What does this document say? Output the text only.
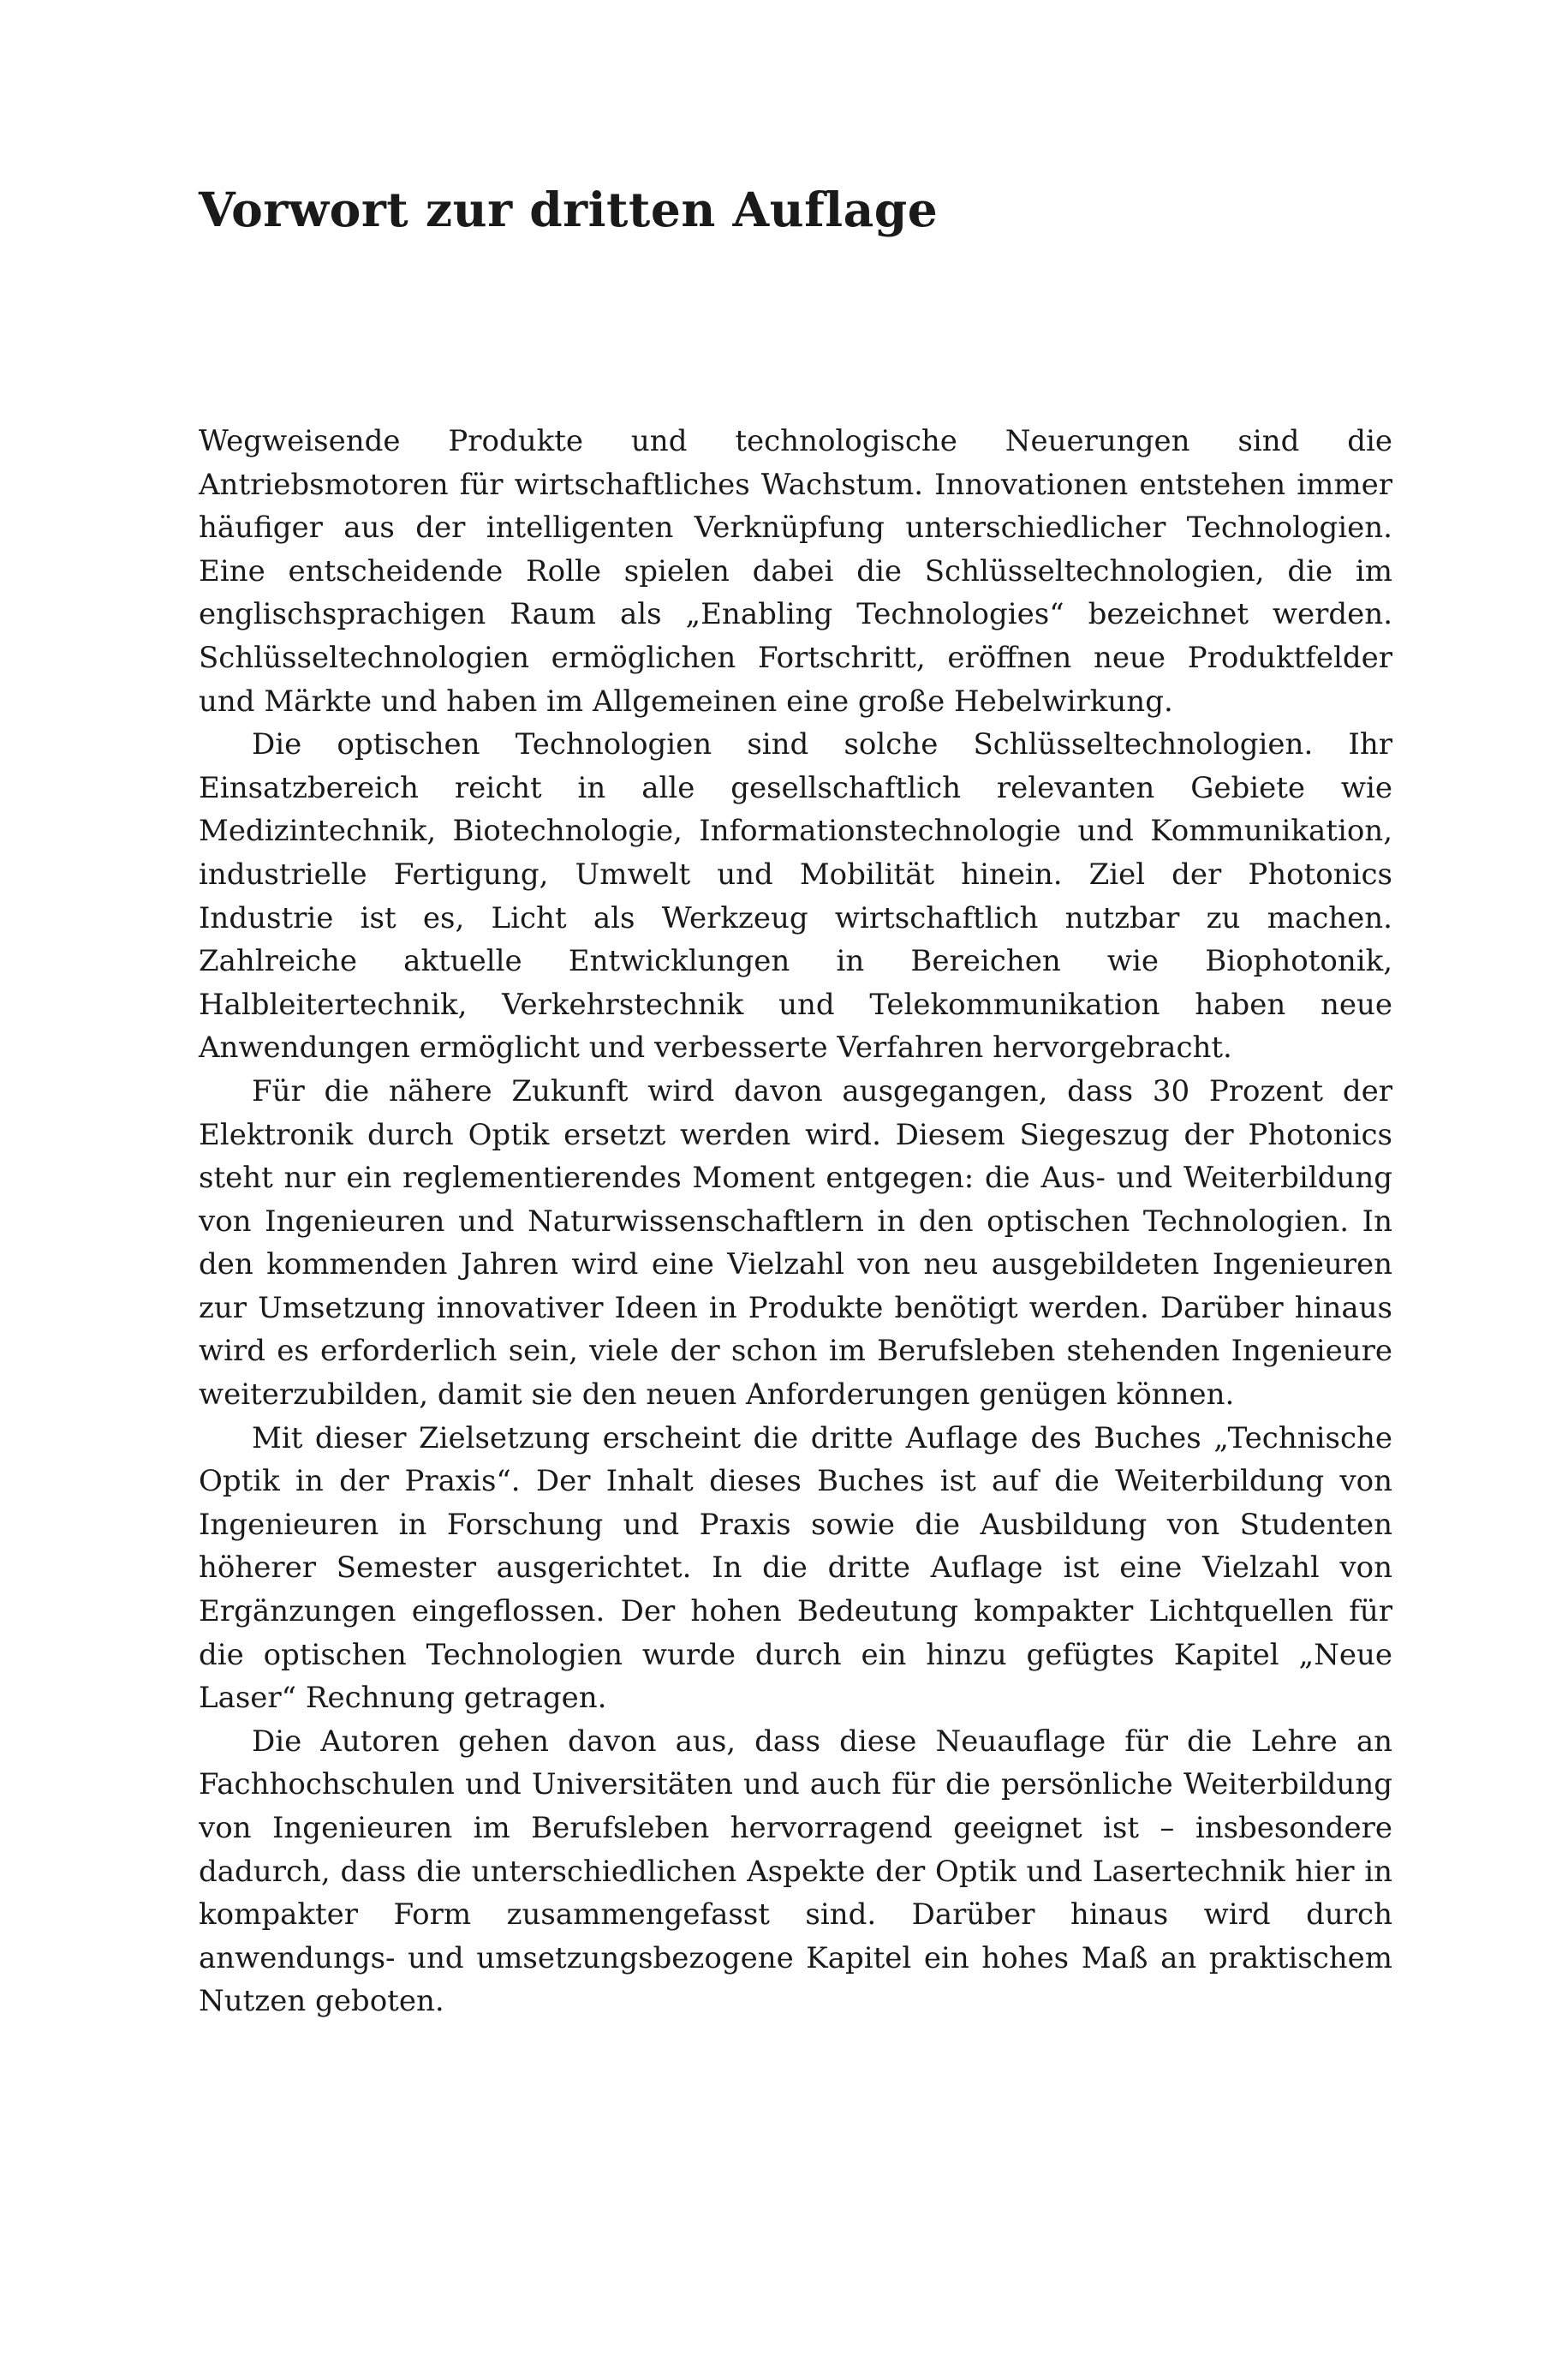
Vorwort zur dritten Auflage

Wegweisende Produkte und technologische Neuerungen sind die Antriebsmotoren für wirtschaftliches Wachstum. Innovationen entstehen immer häufiger aus der intelligenten Verknüpfung unterschiedlicher Technologien. Eine entscheidende Rolle spielen dabei die Schlüsseltechnologien, die im englischsprachigen Raum als „Enabling Technologies“ bezeichnet werden. Schlüsseltechnologien ermöglichen Fortschritt, eröffnen neue Produktfelder und Märkte und haben im Allgemeinen eine große Hebelwirkung.

Die optischen Technologien sind solche Schlüsseltechnologien. Ihr Einsatzbereich reicht in alle gesellschaftlich relevanten Gebiete wie Medizintechnik, Biotechnologie, Informationstechnologie und Kommunikation, industrielle Fertigung, Umwelt und Mobilität hinein. Ziel der Photonics Industrie ist es, Licht als Werkzeug wirtschaftlich nutzbar zu machen. Zahlreiche aktuelle Entwicklungen in Bereichen wie Biophotonik, Halbleitertechnik, Verkehrstechnik und Telekommunikation haben neue Anwendungen ermöglicht und verbesserte Verfahren hervorgebracht.

Für die nähere Zukunft wird davon ausgegangen, dass 30 Prozent der Elektronik durch Optik ersetzt werden wird. Diesem Siegeszug der Photonics steht nur ein reglementierendes Moment entgegen: die Aus- und Weiterbildung von Ingenieuren und Naturwissenschaftlern in den optischen Technologien. In den kommenden Jahren wird eine Vielzahl von neu ausgebildeten Ingenieuren zur Umsetzung innovativer Ideen in Produkte benötigt werden. Darüber hinaus wird es erforderlich sein, viele der schon im Berufsleben stehenden Ingenieure weiterzubilden, damit sie den neuen Anforderungen genügen können.

Mit dieser Zielsetzung erscheint die dritte Auflage des Buches „Technische Optik in der Praxis“. Der Inhalt dieses Buches ist auf die Weiterbildung von Ingenieuren in Forschung und Praxis sowie die Ausbildung von Studenten höherer Semester ausgerichtet. In die dritte Auflage ist eine Vielzahl von Ergänzungen eingeflossen. Der hohen Bedeutung kompakter Lichtquellen für die optischen Technologien wurde durch ein hinzu gefügtes Kapitel „Neue Laser“ Rechnung getragen.

Die Autoren gehen davon aus, dass diese Neuauflage für die Lehre an Fachhochschulen und Universitäten und auch für die persönliche Weiterbildung von Ingenieuren im Berufsleben hervorragend geeignet ist – insbesondere dadurch, dass die unterschiedlichen Aspekte der Optik und Lasertechnik hier in kompakter Form zusammengefasst sind. Darüber hinaus wird durch anwendungs- und umsetzungsbezogene Kapitel ein hohes Maß an praktischem Nutzen geboten.
